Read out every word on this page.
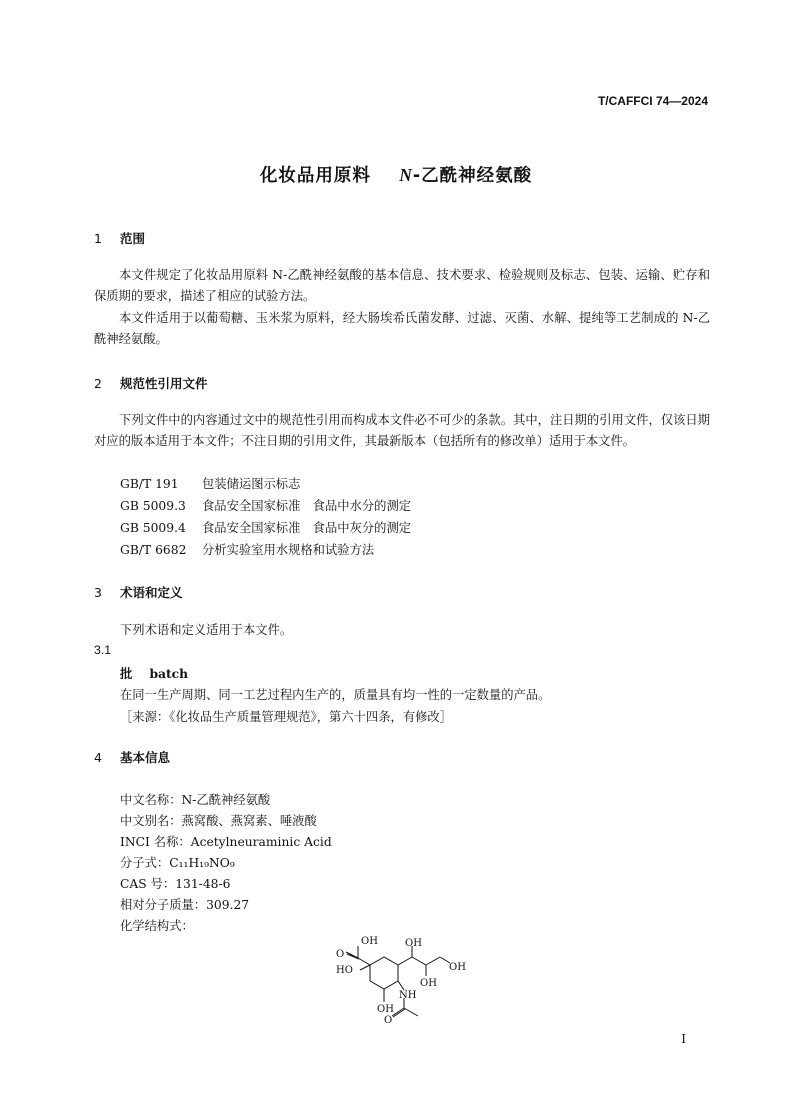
T/CAFFCI 74—2024
化妆品用原料 N-乙酰神经氨酸
1 范围
本文件规定了化妆品用原料 N-乙酰神经氨酸的基本信息、技术要求、检验规则及标志、包装、运输、贮存和保质期的要求，描述了相应的试验方法。
本文件适用于以葡萄糖、玉米浆为原料，经大肠埃希氏菌发酵、过滤、灭菌、水解、提纯等工艺制成的 N-乙酰神经氨酸。
2 规范性引用文件
下列文件中的内容通过文中的规范性引用而构成本文件必不可少的条款。其中，注日期的引用文件，仅该日期对应的版本适用于本文件；不注日期的引用文件，其最新版本（包括所有的修改单）适用于本文件。
GB/T 191 包装储运图示标志
GB 5009.3 食品安全国家标准　食品中水分的测定
GB 5009.4 食品安全国家标准　食品中灰分的测定
GB/T 6682 分析实验室用水规格和试验方法
3 术语和定义
下列术语和定义适用于本文件。
3.1
批 batch
在同一生产周期、同一工艺过程内生产的，质量具有均一性的一定数量的产品。
［来源：《化妆品生产质量管理规范》，第六十四条，有修改］
4 基本信息
中文名称：N-乙酰神经氨酸
中文别名：燕窝酸、燕窝素、唾液酸
INCI 名称：Acetylneuraminic Acid
分子式：C₁₁H₁₉NO₉
CAS 号：131-48-6
相对分子质量：309.27
化学结构式：
OH
O
HO
OH
OH
OH
NH
OH
O
I
